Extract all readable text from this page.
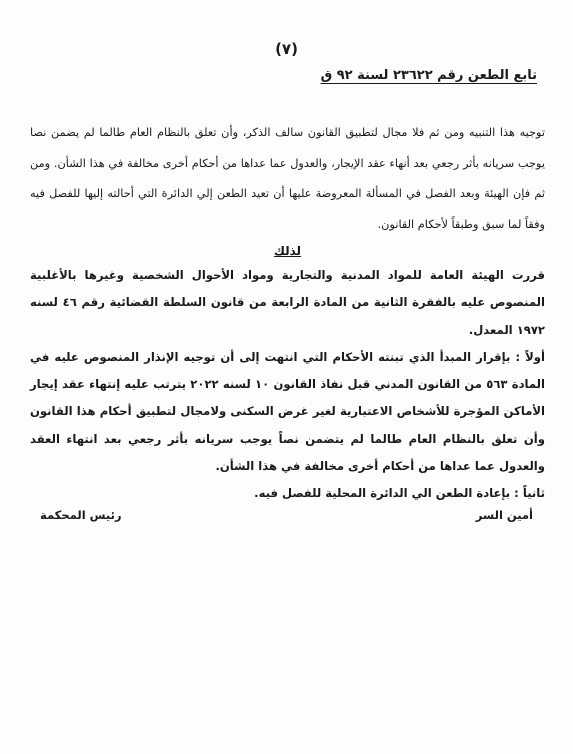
(٧)
تابع الطعن رقم ٢٣٦٢٢ لسنة ٩٢ ق

توجيه هذا التنبيه ومن ثم فلا مجال لتطبيق القانون سالف الذكر، وأن تعلق بالنظام العام طالما لم يضمن نصا يوجب سريانه بأثر رجعي بعد أنهاء عقد الإيجار، والعدول عما عداها من أحكام أخرى مخالفة في هذا الشأن. ومن ثم فإن الهيئة وبعد الفصل في المسألة المعروضة عليها أن تعيد الطعن إلي الدائرة التي أحالته إليها للفصل فيه وفقاً لما سبق وطبقاً لأحكام القانون.

لذلك

قررت الهيئة العامة للمواد المدنية والتجارية ومواد الأحوال الشخصية وغيرها بالأغلبية المنصوص عليه بالفقرة الثانية من المادة الرابعة من قانون السلطة القضائية رقم ٤٦ لسنه ١٩٧٢ المعدل.

أولاً : بإقرار المبدأ الذي تبنته الأحكام التي انتهت إلى أن توجيه الإنذار المنصوص عليه في المادة ٥٦٣ من القانون المدني قبل نفاذ القانون ١٠ لسنه ٢٠٢٢ يترتب عليه إنتهاء عقد إيجار الأماكن المؤجرة للأشخاص الاعتبارية لغير غرض السكنى ولامجال لتطبيق أحكام هذا القانون وأن تعلق بالنظام العام طالما لم يتضمن نصاً يوجب سريانه بأثر رجعي بعد انتهاء العقد والعدول عما عداها من أحكام أخرى مخالفة في هذا الشأن.

ثانياً : بإعادة الطعن الي الدائرة المحلية للفصل فيه.

أمين السر
رئيس المحكمة
